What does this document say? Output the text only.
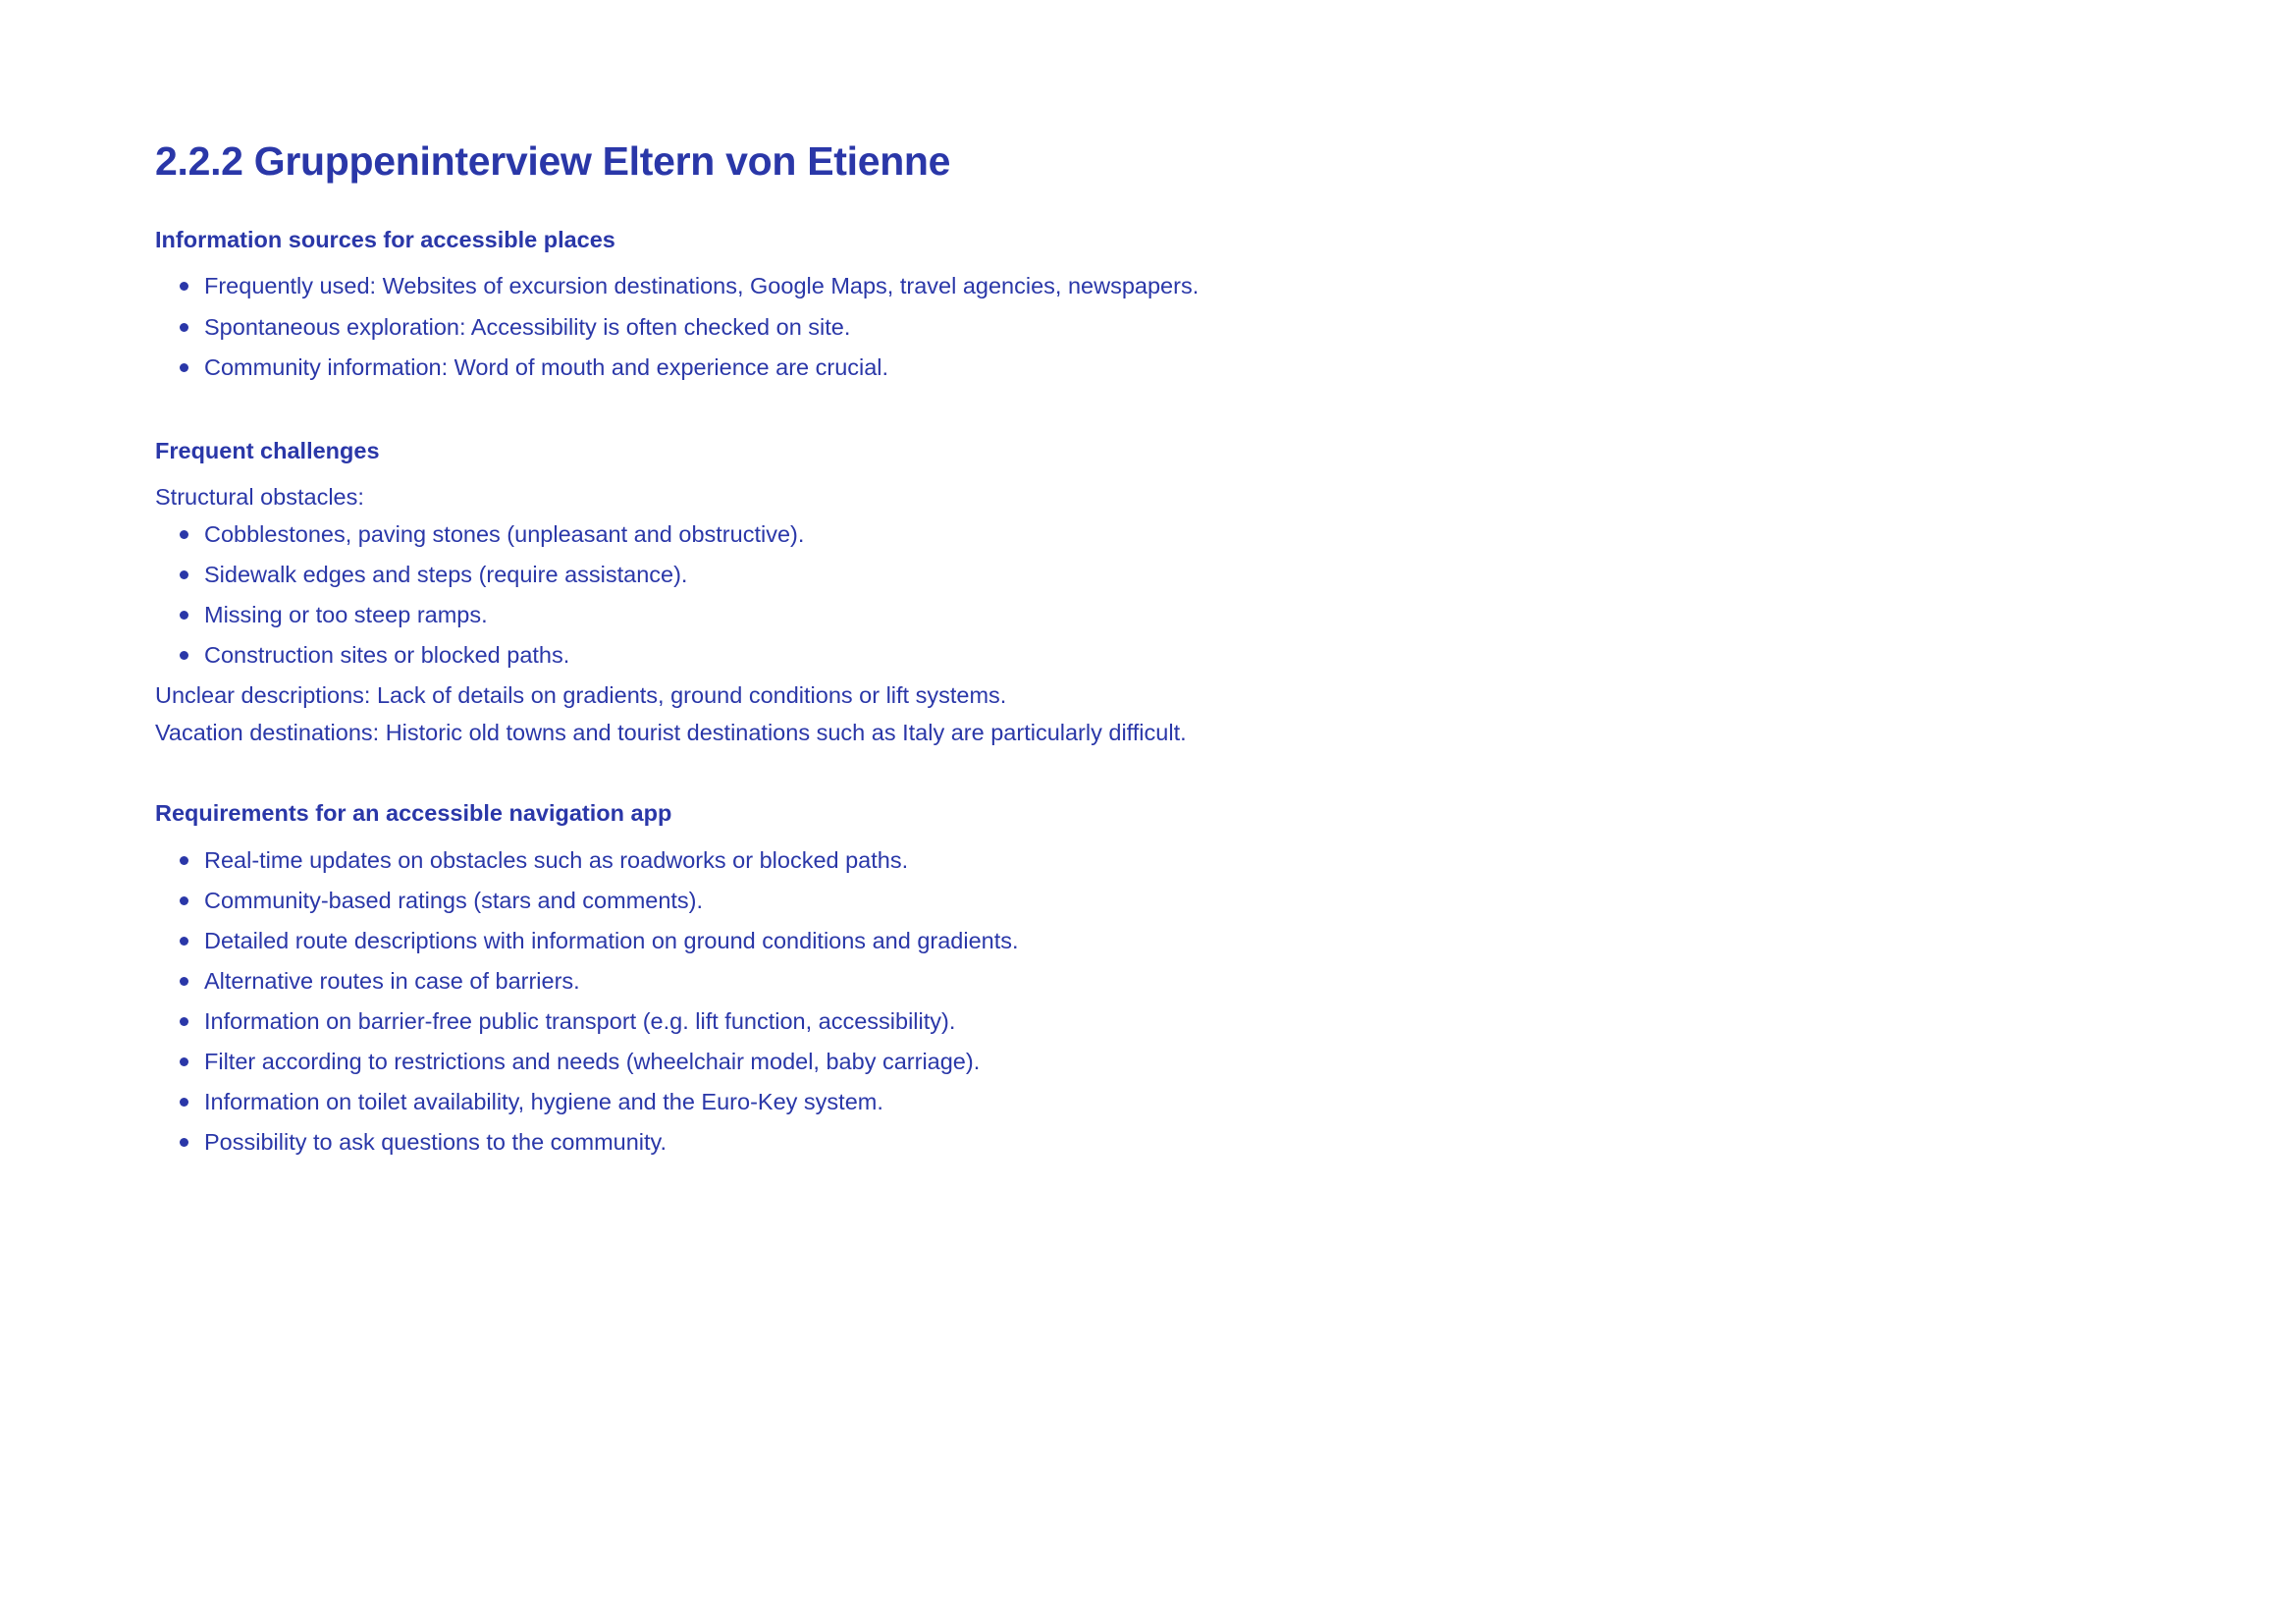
2.2.2 Gruppeninterview Eltern von Etienne
Information sources for accessible places
Frequently used: Websites of excursion destinations, Google Maps, travel agencies, newspapers.
Spontaneous exploration: Accessibility is often checked on site.
Community information: Word of mouth and experience are crucial.
Frequent challenges
Structural obstacles:
Cobblestones, paving stones (unpleasant and obstructive).
Sidewalk edges and steps (require assistance).
Missing or too steep ramps.
Construction sites or blocked paths.
Unclear descriptions: Lack of details on gradients, ground conditions or lift systems.
Vacation destinations: Historic old towns and tourist destinations such as Italy are particularly difficult.
Requirements for an accessible navigation app
Real-time updates on obstacles such as roadworks or blocked paths.
Community-based ratings (stars and comments).
Detailed route descriptions with information on ground conditions and gradients.
Alternative routes in case of barriers.
Information on barrier-free public transport (e.g. lift function, accessibility).
Filter according to restrictions and needs (wheelchair model, baby carriage).
Information on toilet availability, hygiene and the Euro-Key system.
Possibility to ask questions to the community.
